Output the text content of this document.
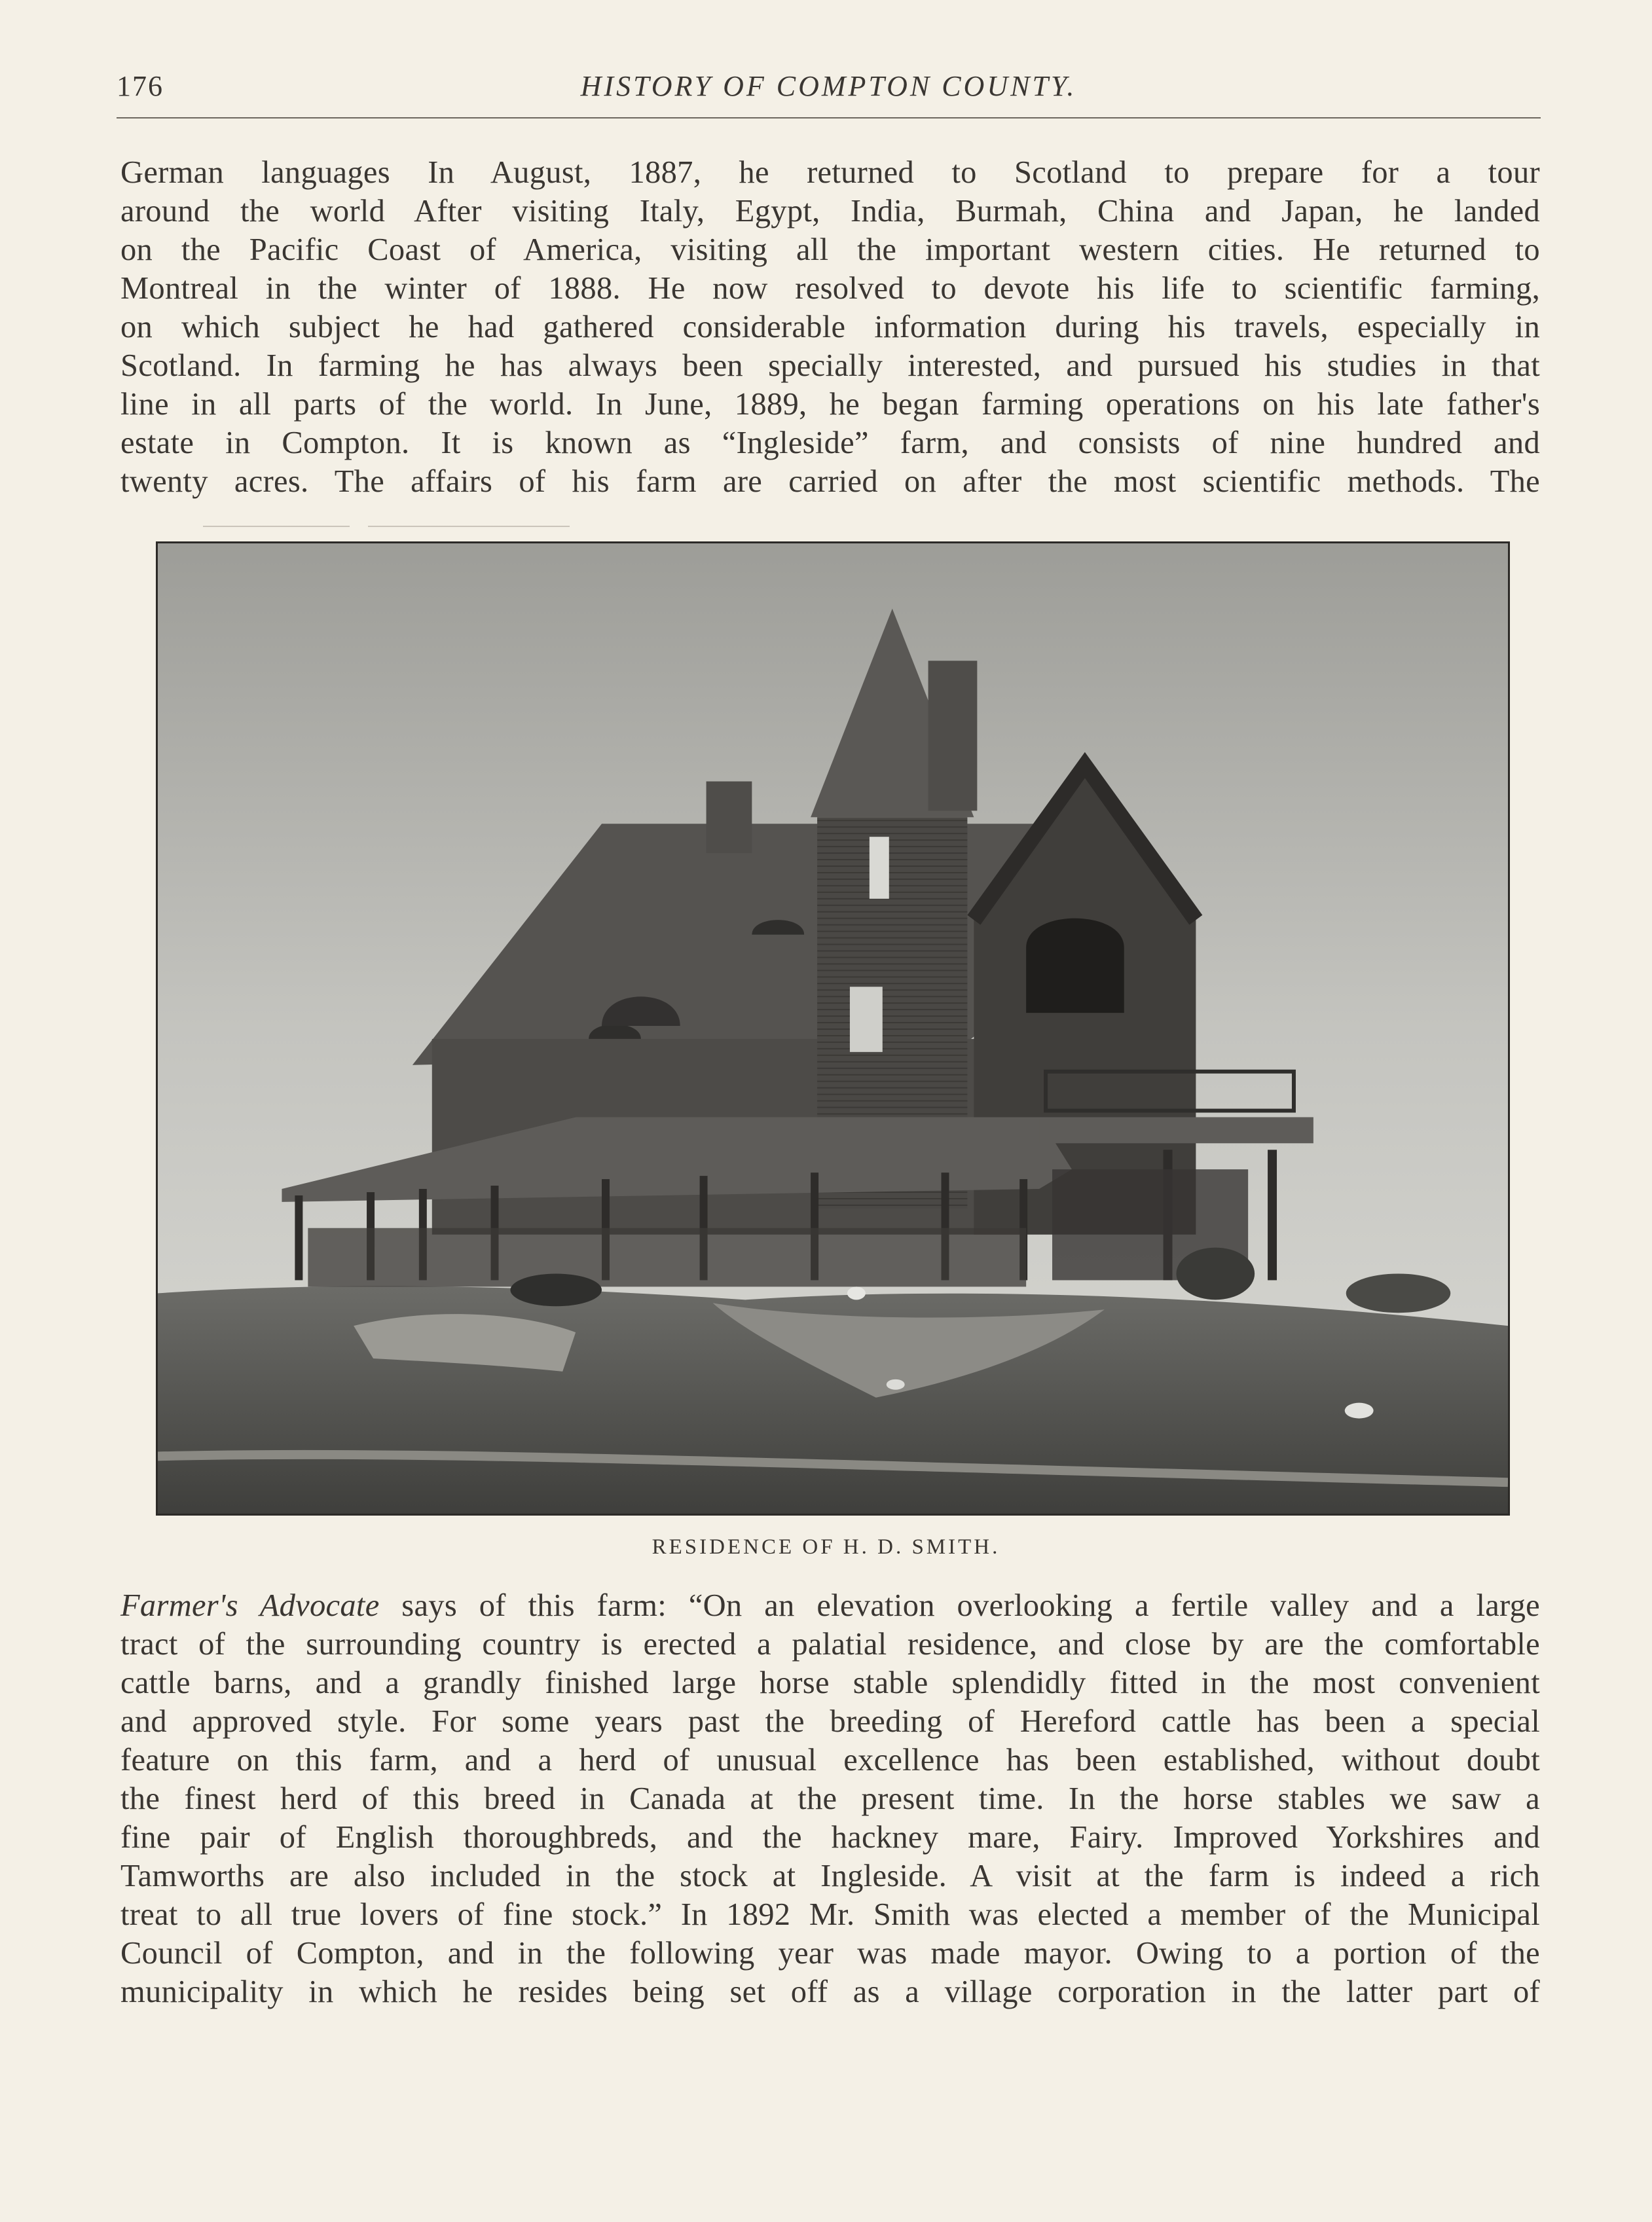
176	HISTORY OF COMPTON COUNTY.
German languages In August, 1887, he returned to Scotland to prepare for a tour
around the world After visiting Italy, Egypt, India, Burmah, China and Japan, he landed
on the Pacific Coast of America, visiting all the important western cities. He returned to
Montreal in the winter of 1888. He now resolved to devote his life to scientific farming,
on which subject he had gathered considerable information during his travels, especially in
Scotland. In farming he has always been specially interested, and pursued his studies in that
line in all parts of the world. In June, 1889, he began farming operations on his late father's
estate in Compton. It is known as “Ingleside” farm, and consists of nine hundred and
twenty acres. The affairs of his farm are carried on after the most scientific methods. The
RESIDENCE OF H. D. SMITH.
Farmer's Advocate says of this farm: “On an elevation overlooking a fertile valley and a large
tract of the surrounding country is erected a palatial residence, and close by are the comfortable
cattle barns, and a grandly finished large horse stable splendidly fitted in the most convenient
and approved style. For some years past the breeding of Hereford cattle has been a special
feature on this farm, and a herd of unusual excellence has been established, without doubt
the finest herd of this breed in Canada at the present time. In the horse stables we saw a
fine pair of English thoroughbreds, and the hackney mare, Fairy. Improved Yorkshires and
Tamworths are also included in the stock at Ingleside. A visit at the farm is indeed a rich
treat to all true lovers of fine stock.” In 1892 Mr. Smith was elected a member of the Municipal
Council of Compton, and in the following year was made mayor. Owing to a portion of the
municipality in which he resides being set off as a village corporation in the latter part of
